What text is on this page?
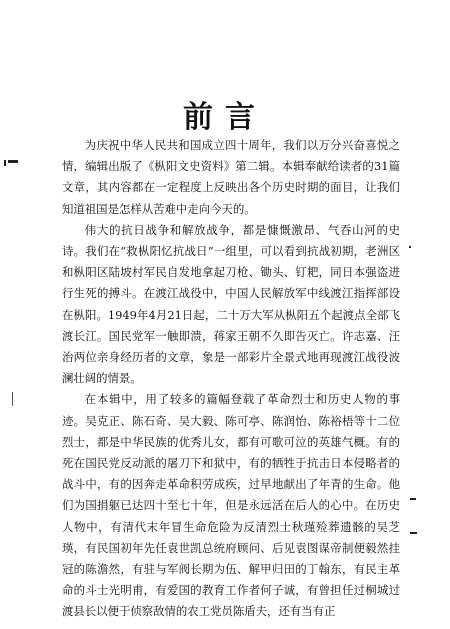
前言

为庆祝中华人民共和国成立四十周年，我们以万分兴奋喜悦之情，编辑出版了《枞阳文史资料》第二辑。本辑奉献给读者的31篇文章，其内容都在一定程度上反映出各个历史时期的面目，让我们知道祖国是怎样从苦难中走向今天的。

伟大的抗日战争和解放战争，都是慷慨激昂、气吞山河的史诗。我们在“救枞阳忆抗战日”一组里，可以看到抗战初期，老洲区和枞阳区陆坡村军民自发地拿起刀枪、锄头、钉耙，同日本强盗进行生死的搏斗。在渡江战役中，中国人民解放军中线渡江指挥部设在枞阳。1949年4月21日起，二十万大军从枞阳五个起渡点全部飞渡长江。国民党军一触即溃，蒋家王朝不久即告灭亡。许志嘉、汪治两位亲身经历者的文章，象是一部彩片全景式地再现渡江战役波澜壮阔的情景。

在本辑中，用了较多的篇幅登载了革命烈士和历史人物的事迹。吴克正、陈石奇、吴大毅、陈可亭、陈润怡、陈裕梧等十二位烈士，都是中华民族的优秀儿女，都有可歌可泣的英雄气概。有的死在国民党反动派的屠刀下和狱中，有的牺牲于抗击日本侵略者的战斗中，有的因奔走革命积劳成疾，过早地献出了年青的生命。他们为国捐躯已达四十至七十年，但是永远活在后人的心中。在历史人物中，有清代末年冒生命危险为反清烈士秋瑾殓葬遗骸的吴芝瑛，有民国初年先任袁世凯总统府顾问、后见袁图谋帝制便毅然挂冠的陈澹然，有驻与军阀长期为伍、解甲归田的丁翰东，有民主革命的斗士光明甫，有爱国的教育工作者何子诚，有曾担任过桐城过渡县长以便于侦察敌情的农工党员陈盾夫，还有当有正
